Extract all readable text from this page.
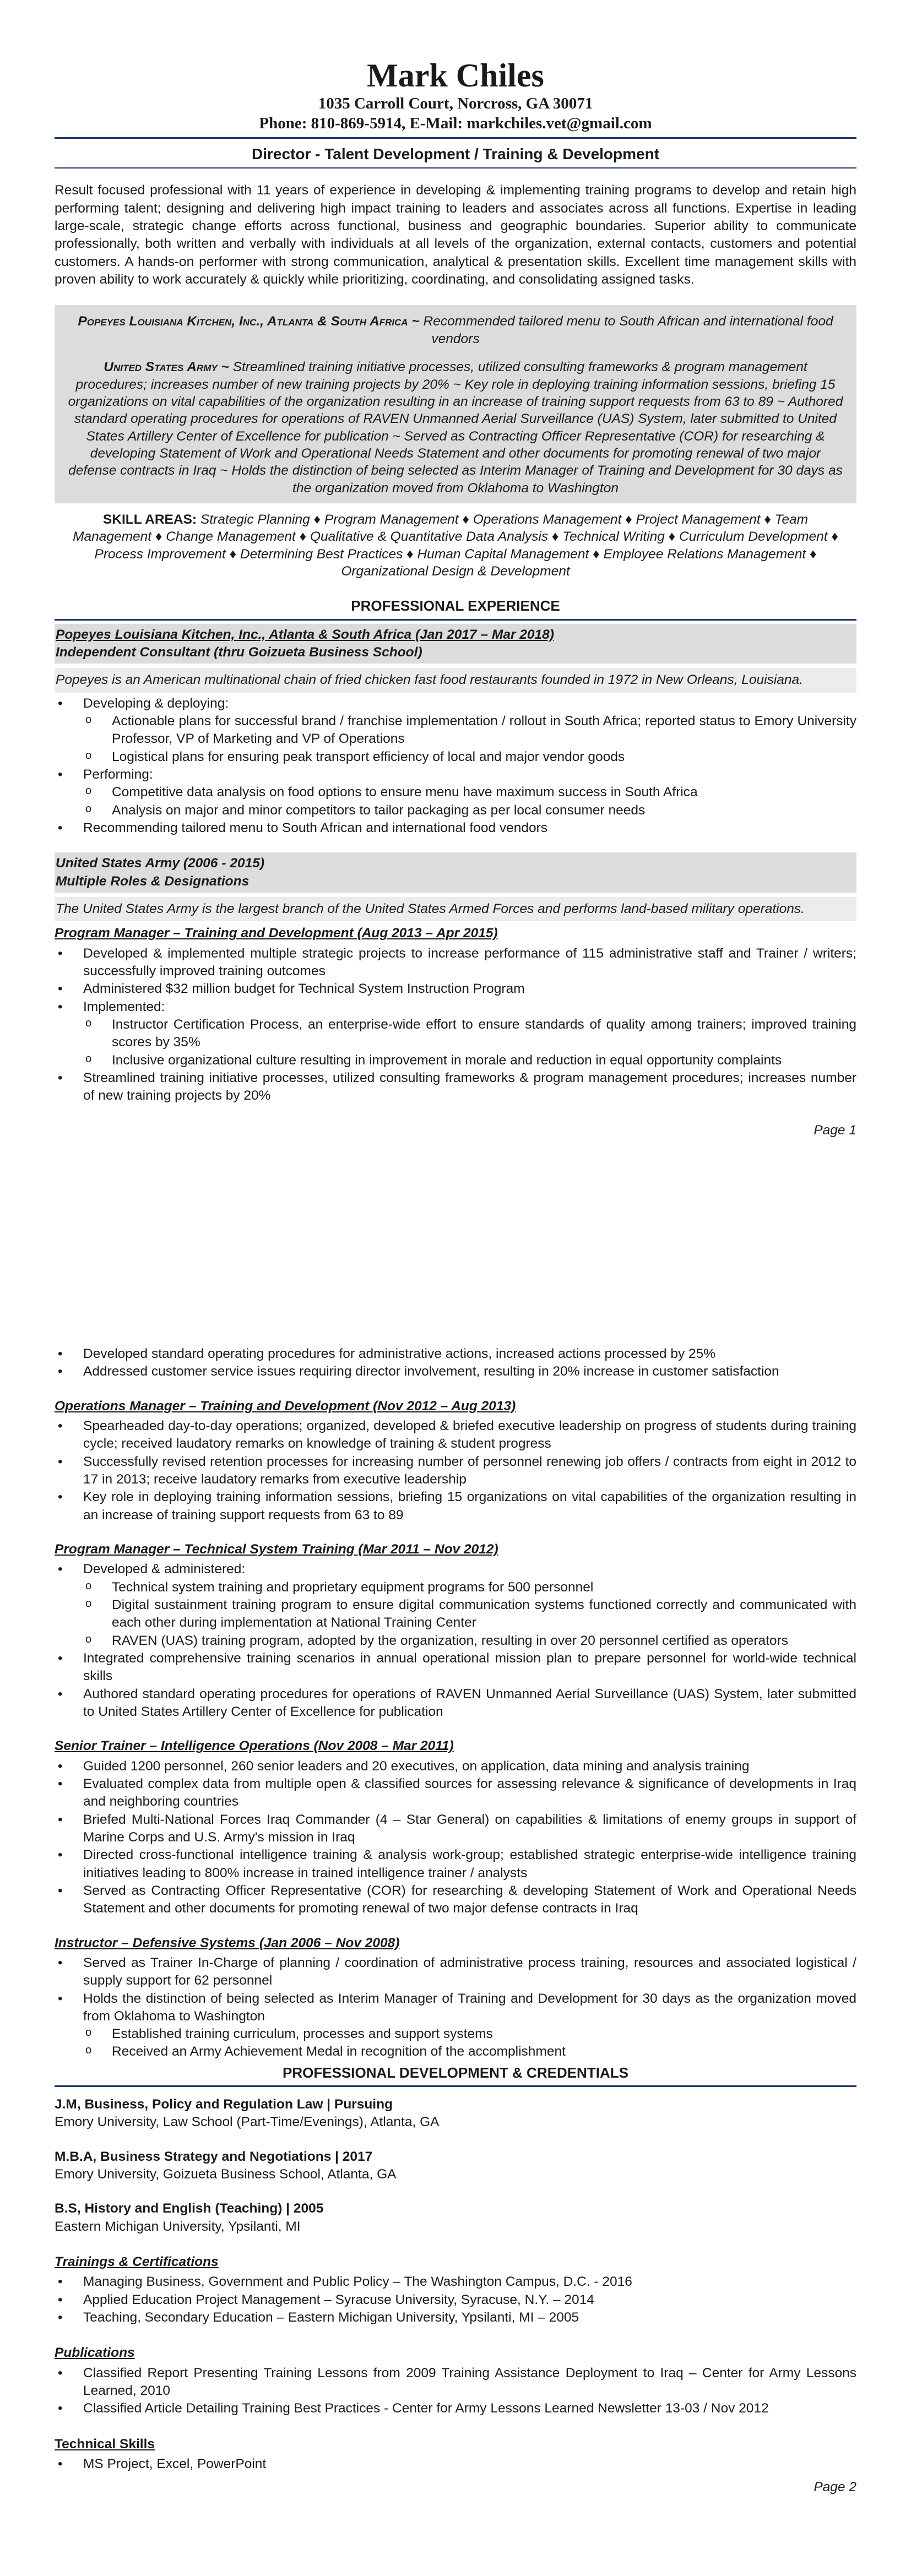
Mark Chiles
1035 Carroll Court, Norcross, GA 30071
Phone: 810-869-5914, E-Mail: markchiles.vet@gmail.com
Director - Talent Development / Training & Development
Result focused professional with 11 years of experience in developing & implementing training programs to develop and retain high performing talent; designing and delivering high impact training to leaders and associates across all functions. Expertise in leading large-scale, strategic change efforts across functional, business and geographic boundaries. Superior ability to communicate professionally, both written and verbally with individuals at all levels of the organization, external contacts, customers and potential customers. A hands-on performer with strong communication, analytical & presentation skills. Excellent time management skills with proven ability to work accurately & quickly while prioritizing, coordinating, and consolidating assigned tasks.

Popeyes Louisiana Kitchen, Inc., Atlanta & South Africa ~ Recommended tailored menu to South African and international food vendors

United States Army ~ Streamlined training initiative processes, utilized consulting frameworks & program management procedures; increases number of new training projects by 20% ~ Key role in deploying training information sessions, briefing 15 organizations on vital capabilities of the organization resulting in an increase of training support requests from 63 to 89 ~ Authored standard operating procedures for operations of RAVEN Unmanned Aerial Surveillance (UAS) System, later submitted to United States Artillery Center of Excellence for publication ~ Served as Contracting Officer Representative (COR) for researching & developing Statement of Work and Operational Needs Statement and other documents for promoting renewal of two major defense contracts in Iraq ~ Holds the distinction of being selected as Interim Manager of Training and Development for 30 days as the organization moved from Oklahoma to Washington

SKILL AREAS: Strategic Planning ♦ Program Management ♦ Operations Management ♦ Project Management ♦ Team Management ♦ Change Management ♦ Qualitative & Quantitative Data Analysis ♦ Technical Writing ♦ Curriculum Development ♦ Process Improvement ♦ Determining Best Practices ♦ Human Capital Management ♦ Employee Relations Management ♦ Organizational Design & Development
PROFESSIONAL EXPERIENCE
Popeyes Louisiana Kitchen, Inc., Atlanta & South Africa (Jan 2017 – Mar 2018)
Independent Consultant (thru Goizueta Business School)
Popeyes is an American multinational chain of fried chicken fast food restaurants founded in 1972 in New Orleans, Louisiana.
• Developing & deploying:
o Actionable plans for successful brand / franchise implementation / rollout in South Africa; reported status to Emory University Professor, VP of Marketing and VP of Operations
o Logistical plans for ensuring peak transport efficiency of local and major vendor goods
• Performing:
o Competitive data analysis on food options to ensure menu have maximum success in South Africa
o Analysis on major and minor competitors to tailor packaging as per local consumer needs
• Recommending tailored menu to South African and international food vendors
United States Army (2006 - 2015)
Multiple Roles & Designations
The United States Army is the largest branch of the United States Armed Forces and performs land-based military operations.
Program Manager – Training and Development (Aug 2013 – Apr 2015)
• Developed & implemented multiple strategic projects to increase performance of 115 administrative staff and Trainer / writers; successfully improved training outcomes
• Administered $32 million budget for Technical System Instruction Program
• Implemented:
o Instructor Certification Process, an enterprise-wide effort to ensure standards of quality among trainers; improved training scores by 35%
o Inclusive organizational culture resulting in improvement in morale and reduction in equal opportunity complaints
• Streamlined training initiative processes, utilized consulting frameworks & program management procedures; increases number of new training projects by 20%
Page 1
• Developed standard operating procedures for administrative actions, increased actions processed by 25%
• Addressed customer service issues requiring director involvement, resulting in 20% increase in customer satisfaction
Operations Manager – Training and Development (Nov 2012 – Aug 2013)
• Spearheaded day-to-day operations; organized, developed & briefed executive leadership on progress of students during training cycle; received laudatory remarks on knowledge of training & student progress
• Successfully revised retention processes for increasing number of personnel renewing job offers / contracts from eight in 2012 to 17 in 2013; receive laudatory remarks from executive leadership
• Key role in deploying training information sessions, briefing 15 organizations on vital capabilities of the organization resulting in an increase of training support requests from 63 to 89
Program Manager – Technical System Training (Mar 2011 – Nov 2012)
• Developed & administered:
o Technical system training and proprietary equipment programs for 500 personnel
o Digital sustainment training program to ensure digital communication systems functioned correctly and communicated with each other during implementation at National Training Center
o RAVEN (UAS) training program, adopted by the organization, resulting in over 20 personnel certified as operators
• Integrated comprehensive training scenarios in annual operational mission plan to prepare personnel for world-wide technical skills
• Authored standard operating procedures for operations of RAVEN Unmanned Aerial Surveillance (UAS) System, later submitted to United States Artillery Center of Excellence for publication
Senior Trainer – Intelligence Operations (Nov 2008 – Mar 2011)
• Guided 1200 personnel, 260 senior leaders and 20 executives, on application, data mining and analysis training
• Evaluated complex data from multiple open & classified sources for assessing relevance & significance of developments in Iraq and neighboring countries
• Briefed Multi-National Forces Iraq Commander (4 – Star General) on capabilities & limitations of enemy groups in support of Marine Corps and U.S. Army's mission in Iraq
• Directed cross-functional intelligence training & analysis work-group; established strategic enterprise-wide intelligence training initiatives leading to 800% increase in trained intelligence trainer / analysts
• Served as Contracting Officer Representative (COR) for researching & developing Statement of Work and Operational Needs Statement and other documents for promoting renewal of two major defense contracts in Iraq
Instructor – Defensive Systems (Jan 2006 – Nov 2008)
• Served as Trainer In-Charge of planning / coordination of administrative process training, resources and associated logistical / supply support for 62 personnel
• Holds the distinction of being selected as Interim Manager of Training and Development for 30 days as the organization moved from Oklahoma to Washington
o Established training curriculum, processes and support systems
o Received an Army Achievement Medal in recognition of the accomplishment
PROFESSIONAL DEVELOPMENT & CREDENTIALS
J.M, Business, Policy and Regulation Law | Pursuing
Emory University, Law School (Part-Time/Evenings), Atlanta, GA
M.B.A, Business Strategy and Negotiations | 2017
Emory University, Goizueta Business School, Atlanta, GA
B.S, History and English (Teaching) | 2005
Eastern Michigan University, Ypsilanti, MI
Trainings & Certifications
• Managing Business, Government and Public Policy – The Washington Campus, D.C. - 2016
• Applied Education Project Management – Syracuse University, Syracuse, N.Y. – 2014
• Teaching, Secondary Education – Eastern Michigan University, Ypsilanti, MI – 2005
Publications
• Classified Report Presenting Training Lessons from 2009 Training Assistance Deployment to Iraq – Center for Army Lessons Learned, 2010
• Classified Article Detailing Training Best Practices - Center for Army Lessons Learned Newsletter 13-03 / Nov 2012
Technical Skills
• MS Project, Excel, PowerPoint
Page 2
